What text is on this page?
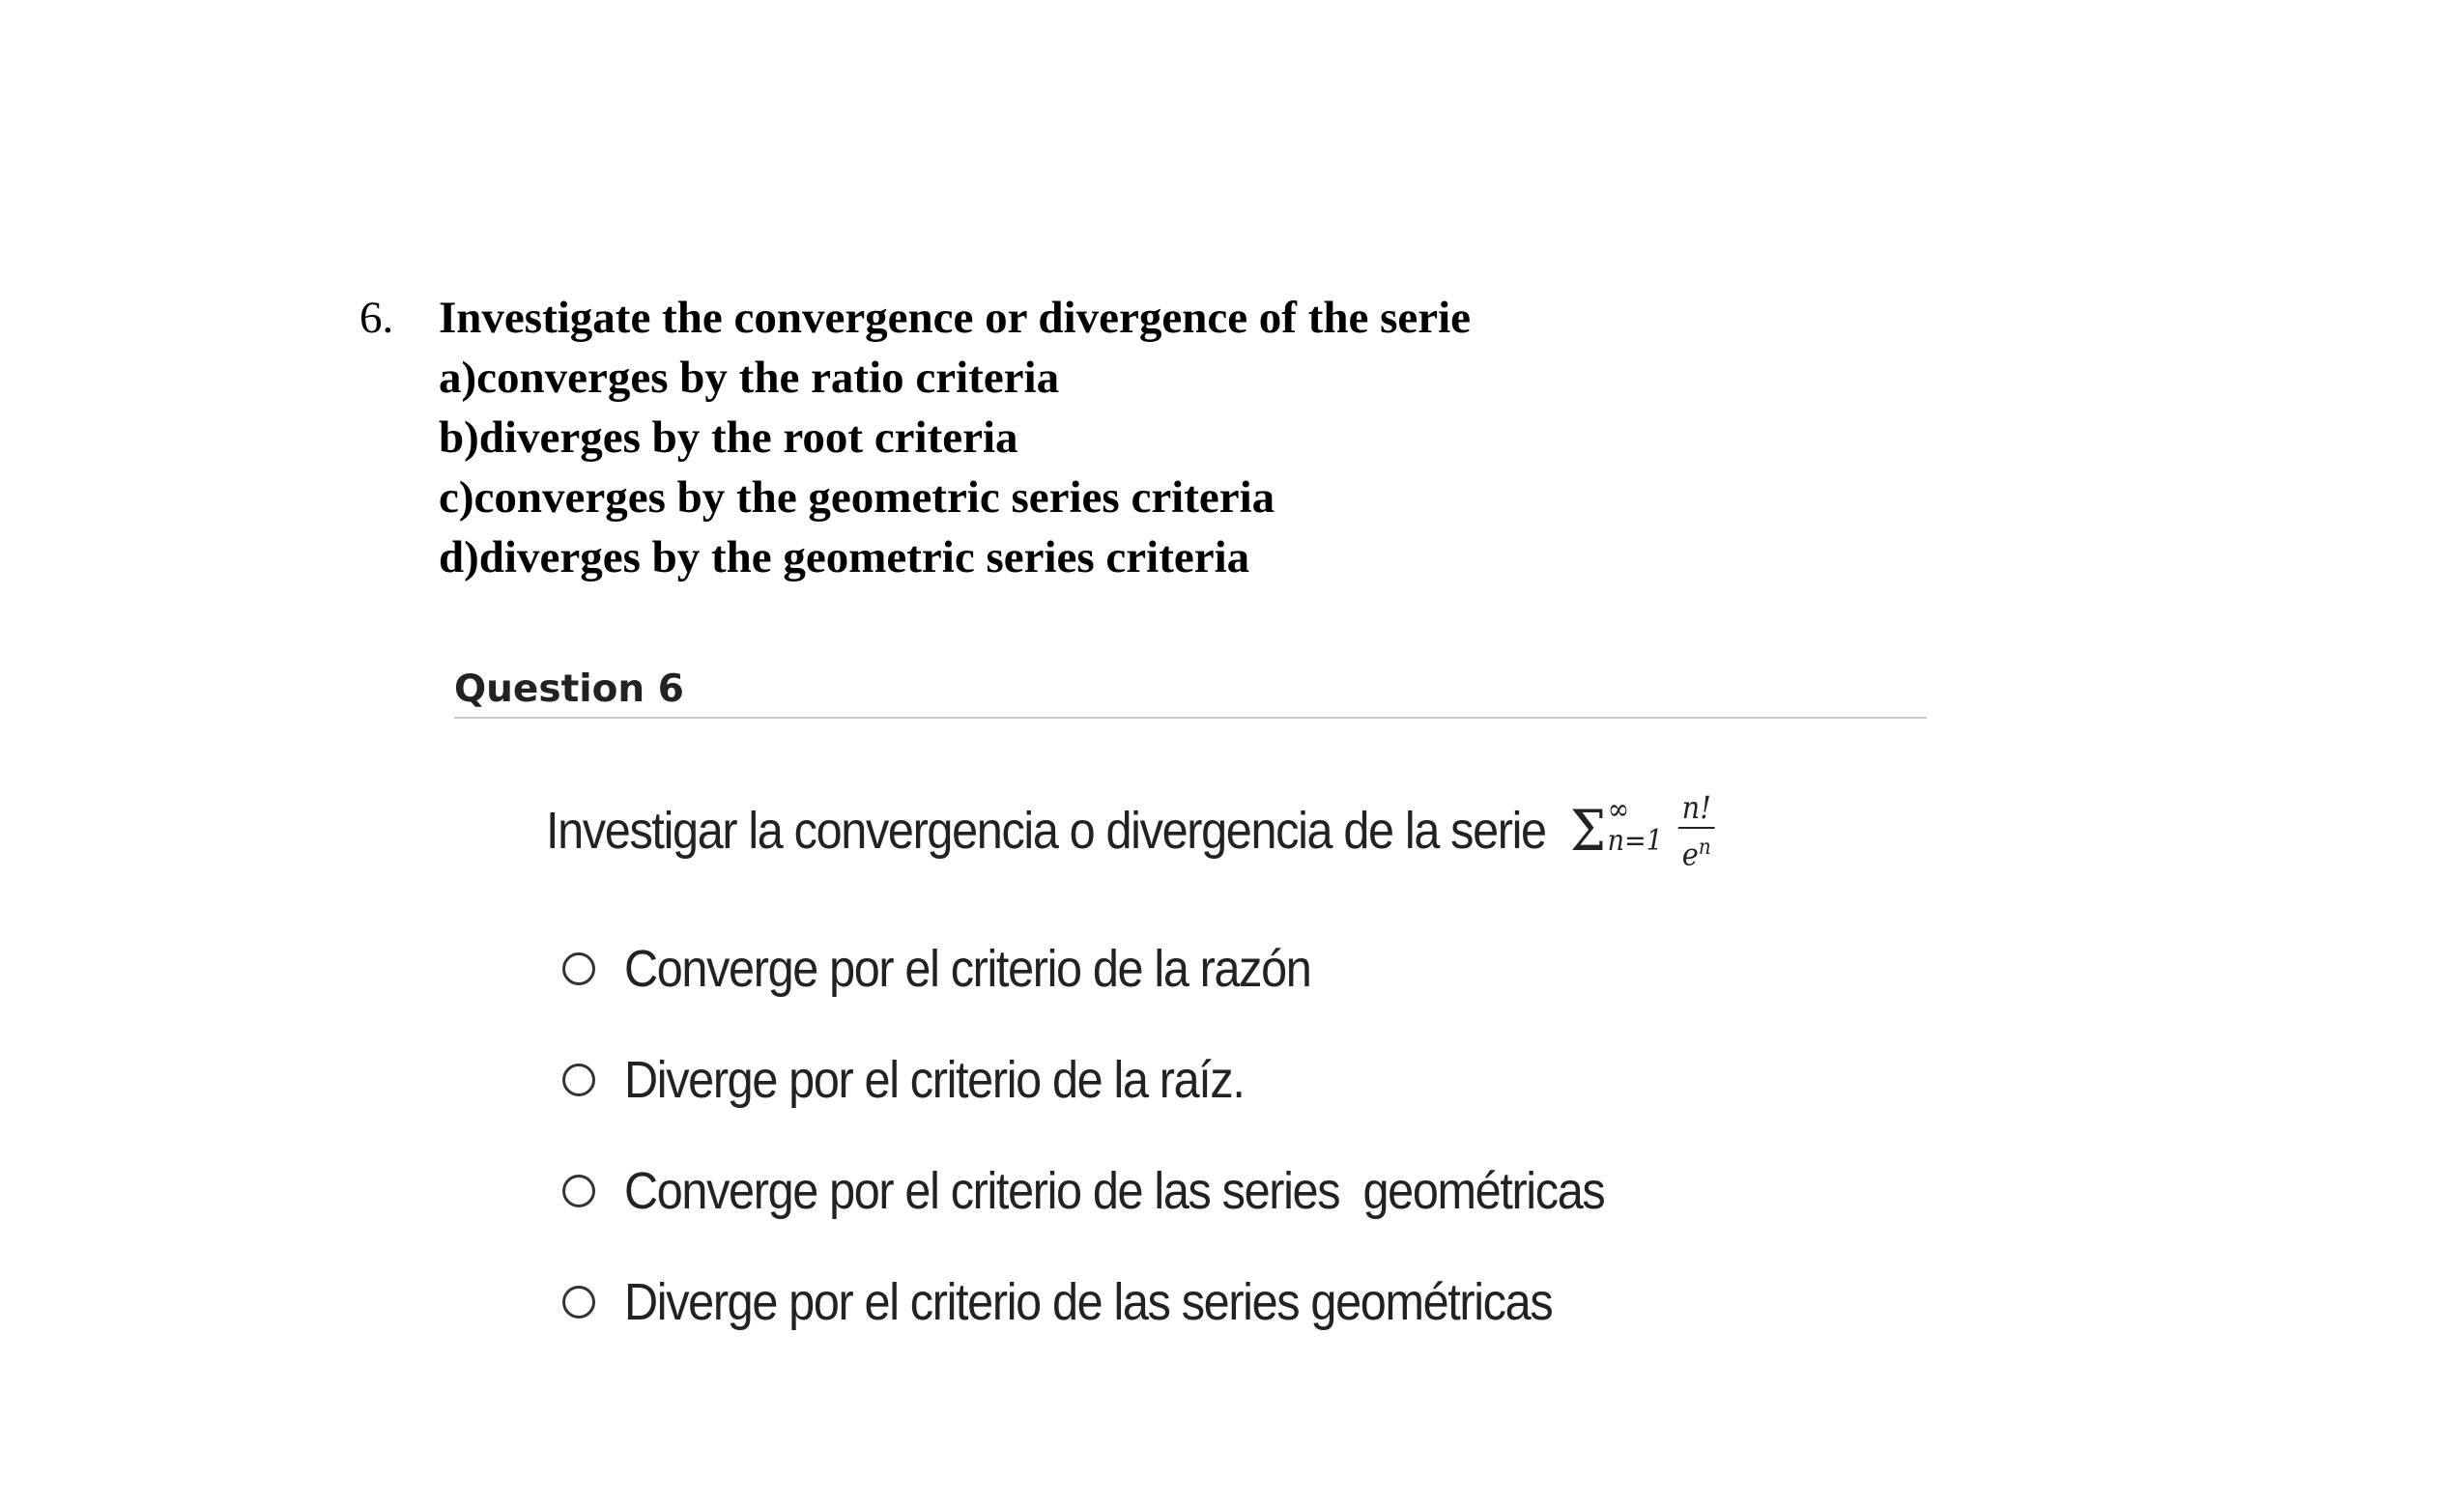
6. Investigate the convergence or divergence of the serie
a)converges by the ratio criteria
b)diverges by the root criteria
c)converges by the geometric series criteria
d)diverges by the geometric series criteria
Question 6
Investigar la convergencia o divergencia de la serie Σ ∞
$n=1 \frac{n!}{e^n}$
Converge por el criterio de la razón
Diverge por el criterio de la raíz.
Converge por el criterio de las series  geométricas
Diverge por el criterio de las series geométricas
